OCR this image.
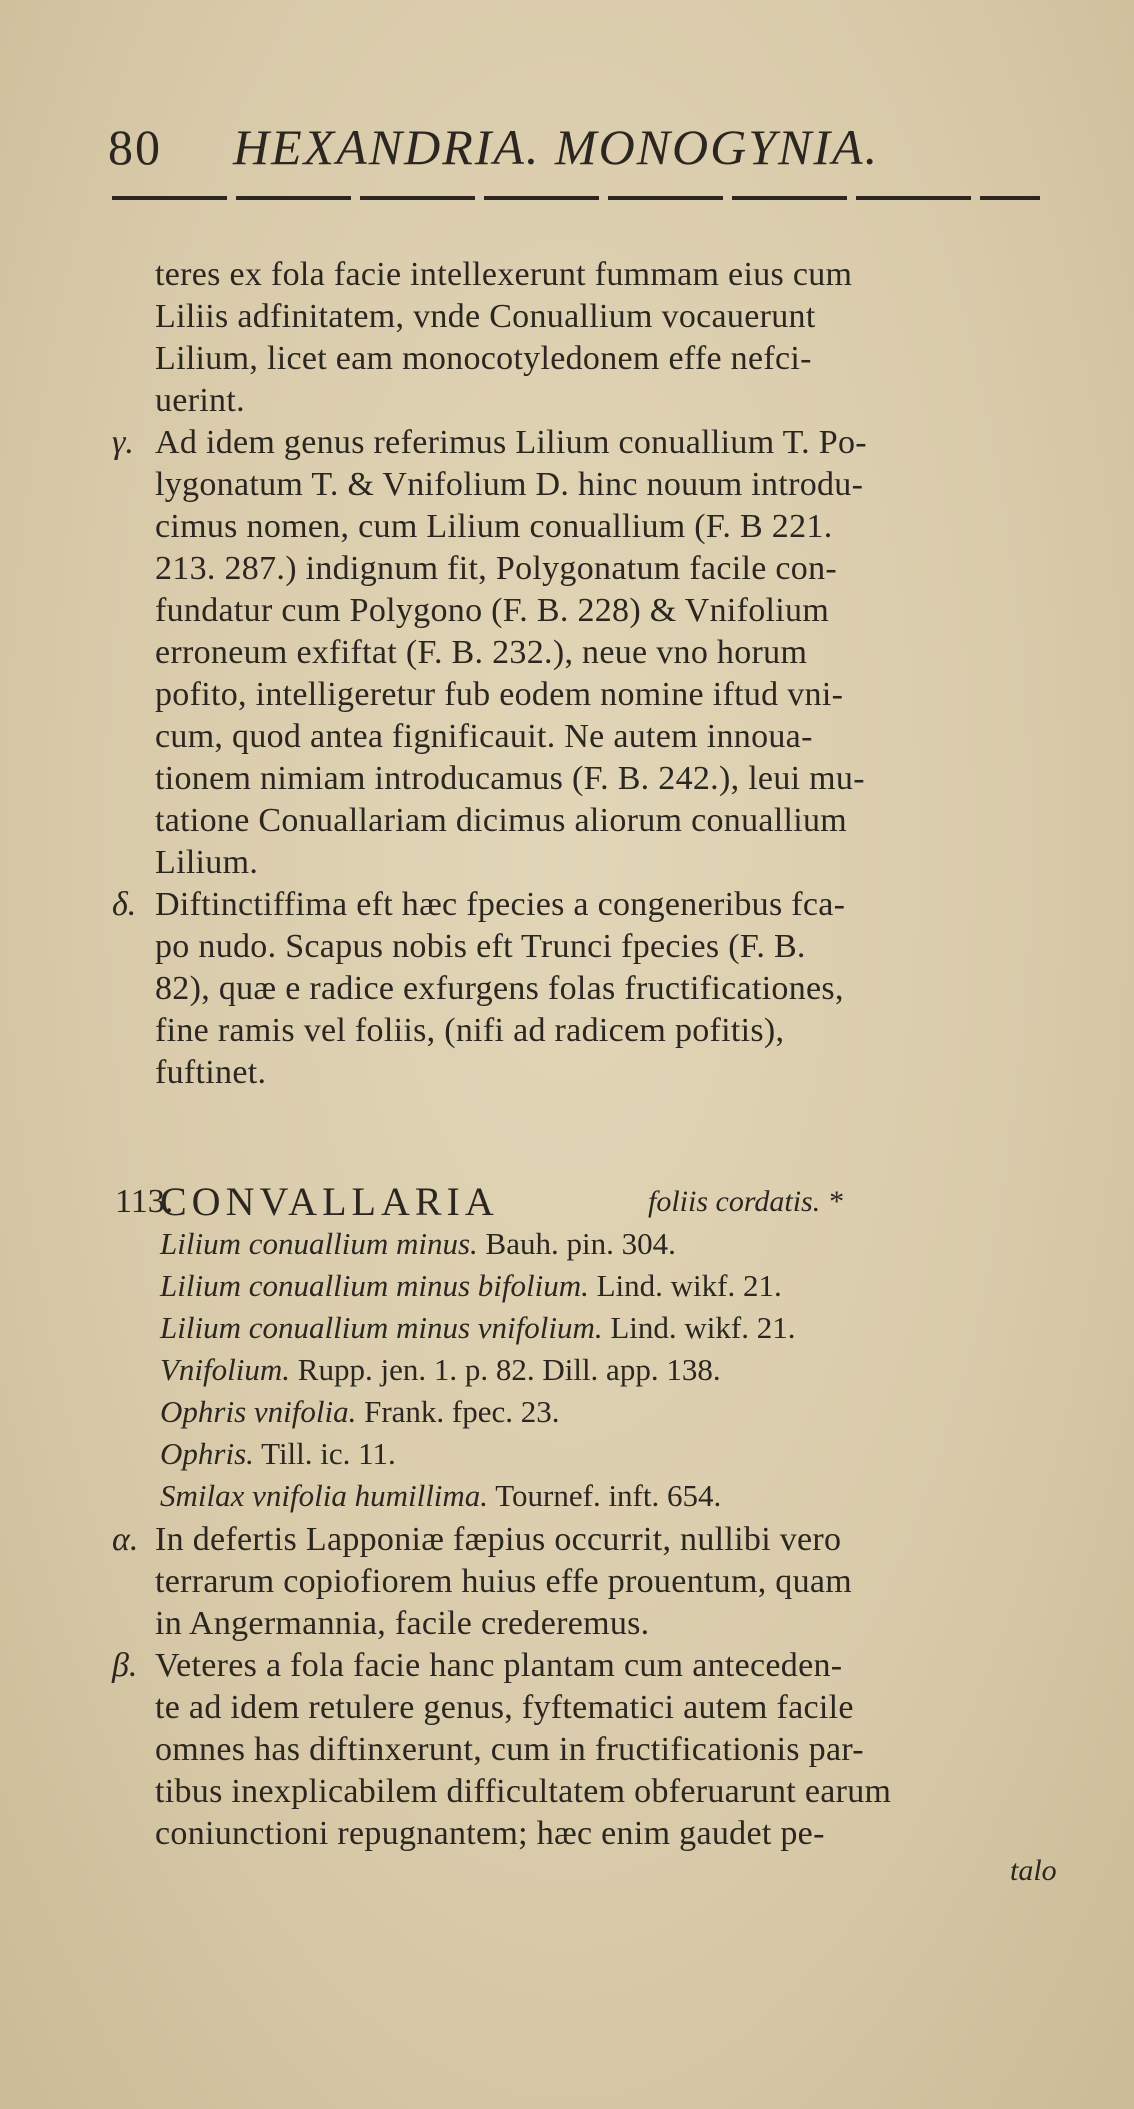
80 HEXANDRIA. MONOGYNIA.
teres ex fola facie intellexerunt fummam eius cum
Liliis adfinitatem, vnde Conuallium vocauerunt
Lilium, licet eam monocotyledonem effe nefci-
uerint.
γ. Ad idem genus referimus Lilium conuallium T. Po-
lygonatum T. & Vnifolium D. hinc nouum introdu-
cimus nomen, cum Lilium conuallium (F. B 221.
213. 287.) indignum fit, Polygonatum facile con-
fundatur cum Polygono (F. B. 228) & Vnifolium
erroneum exfiftat (F. B. 232.), neue vno horum
pofito, intelligeretur fub eodem nomine iftud vni-
cum, quod antea fignificauit. Ne autem innoua-
tionem nimiam introducamus (F. B. 242.), leui mu-
tatione Conuallariam dicimus aliorum conuallium
Lilium.
δ. Diftinctiffima eft hæc fpecies a congeneribus fca-
po nudo. Scapus nobis eft Trunci fpecies (F. B.
82), quæ e radice exfurgens folas fructificationes,
fine ramis vel foliis, (nifi ad radicem pofitis),
fuftinet.
113.
CONVALLARIA	foliis cordatis. *
Lilium conuallium minus. Bauh. pin. 304.
Lilium conuallium minus bifolium. Lind. wikf. 21.
Lilium conuallium minus vnifolium. Lind. wikf. 21.
Vnifolium. Rupp. jen. 1. p. 82. Dill. app. 138.
Ophris vnifolia. Frank. fpec. 23.
Ophris. Till. ic. 11.
Smilax vnifolia humillima. Tournef. inft. 654.
α. In defertis Lapponiæ fæpius occurrit, nullibi vero
terrarum copiofiorem huius effe prouentum, quam
in Angermannia, facile crederemus.
β. Veteres a fola facie hanc plantam cum anteceden-
te ad idem retulere genus, fyftematici autem facile
omnes has diftinxerunt, cum in fructificationis par-
tibus inexplicabilem difficultatem obferuarunt earum
coniunctioni repugnantem; hæc enim gaudet pe-
talo
